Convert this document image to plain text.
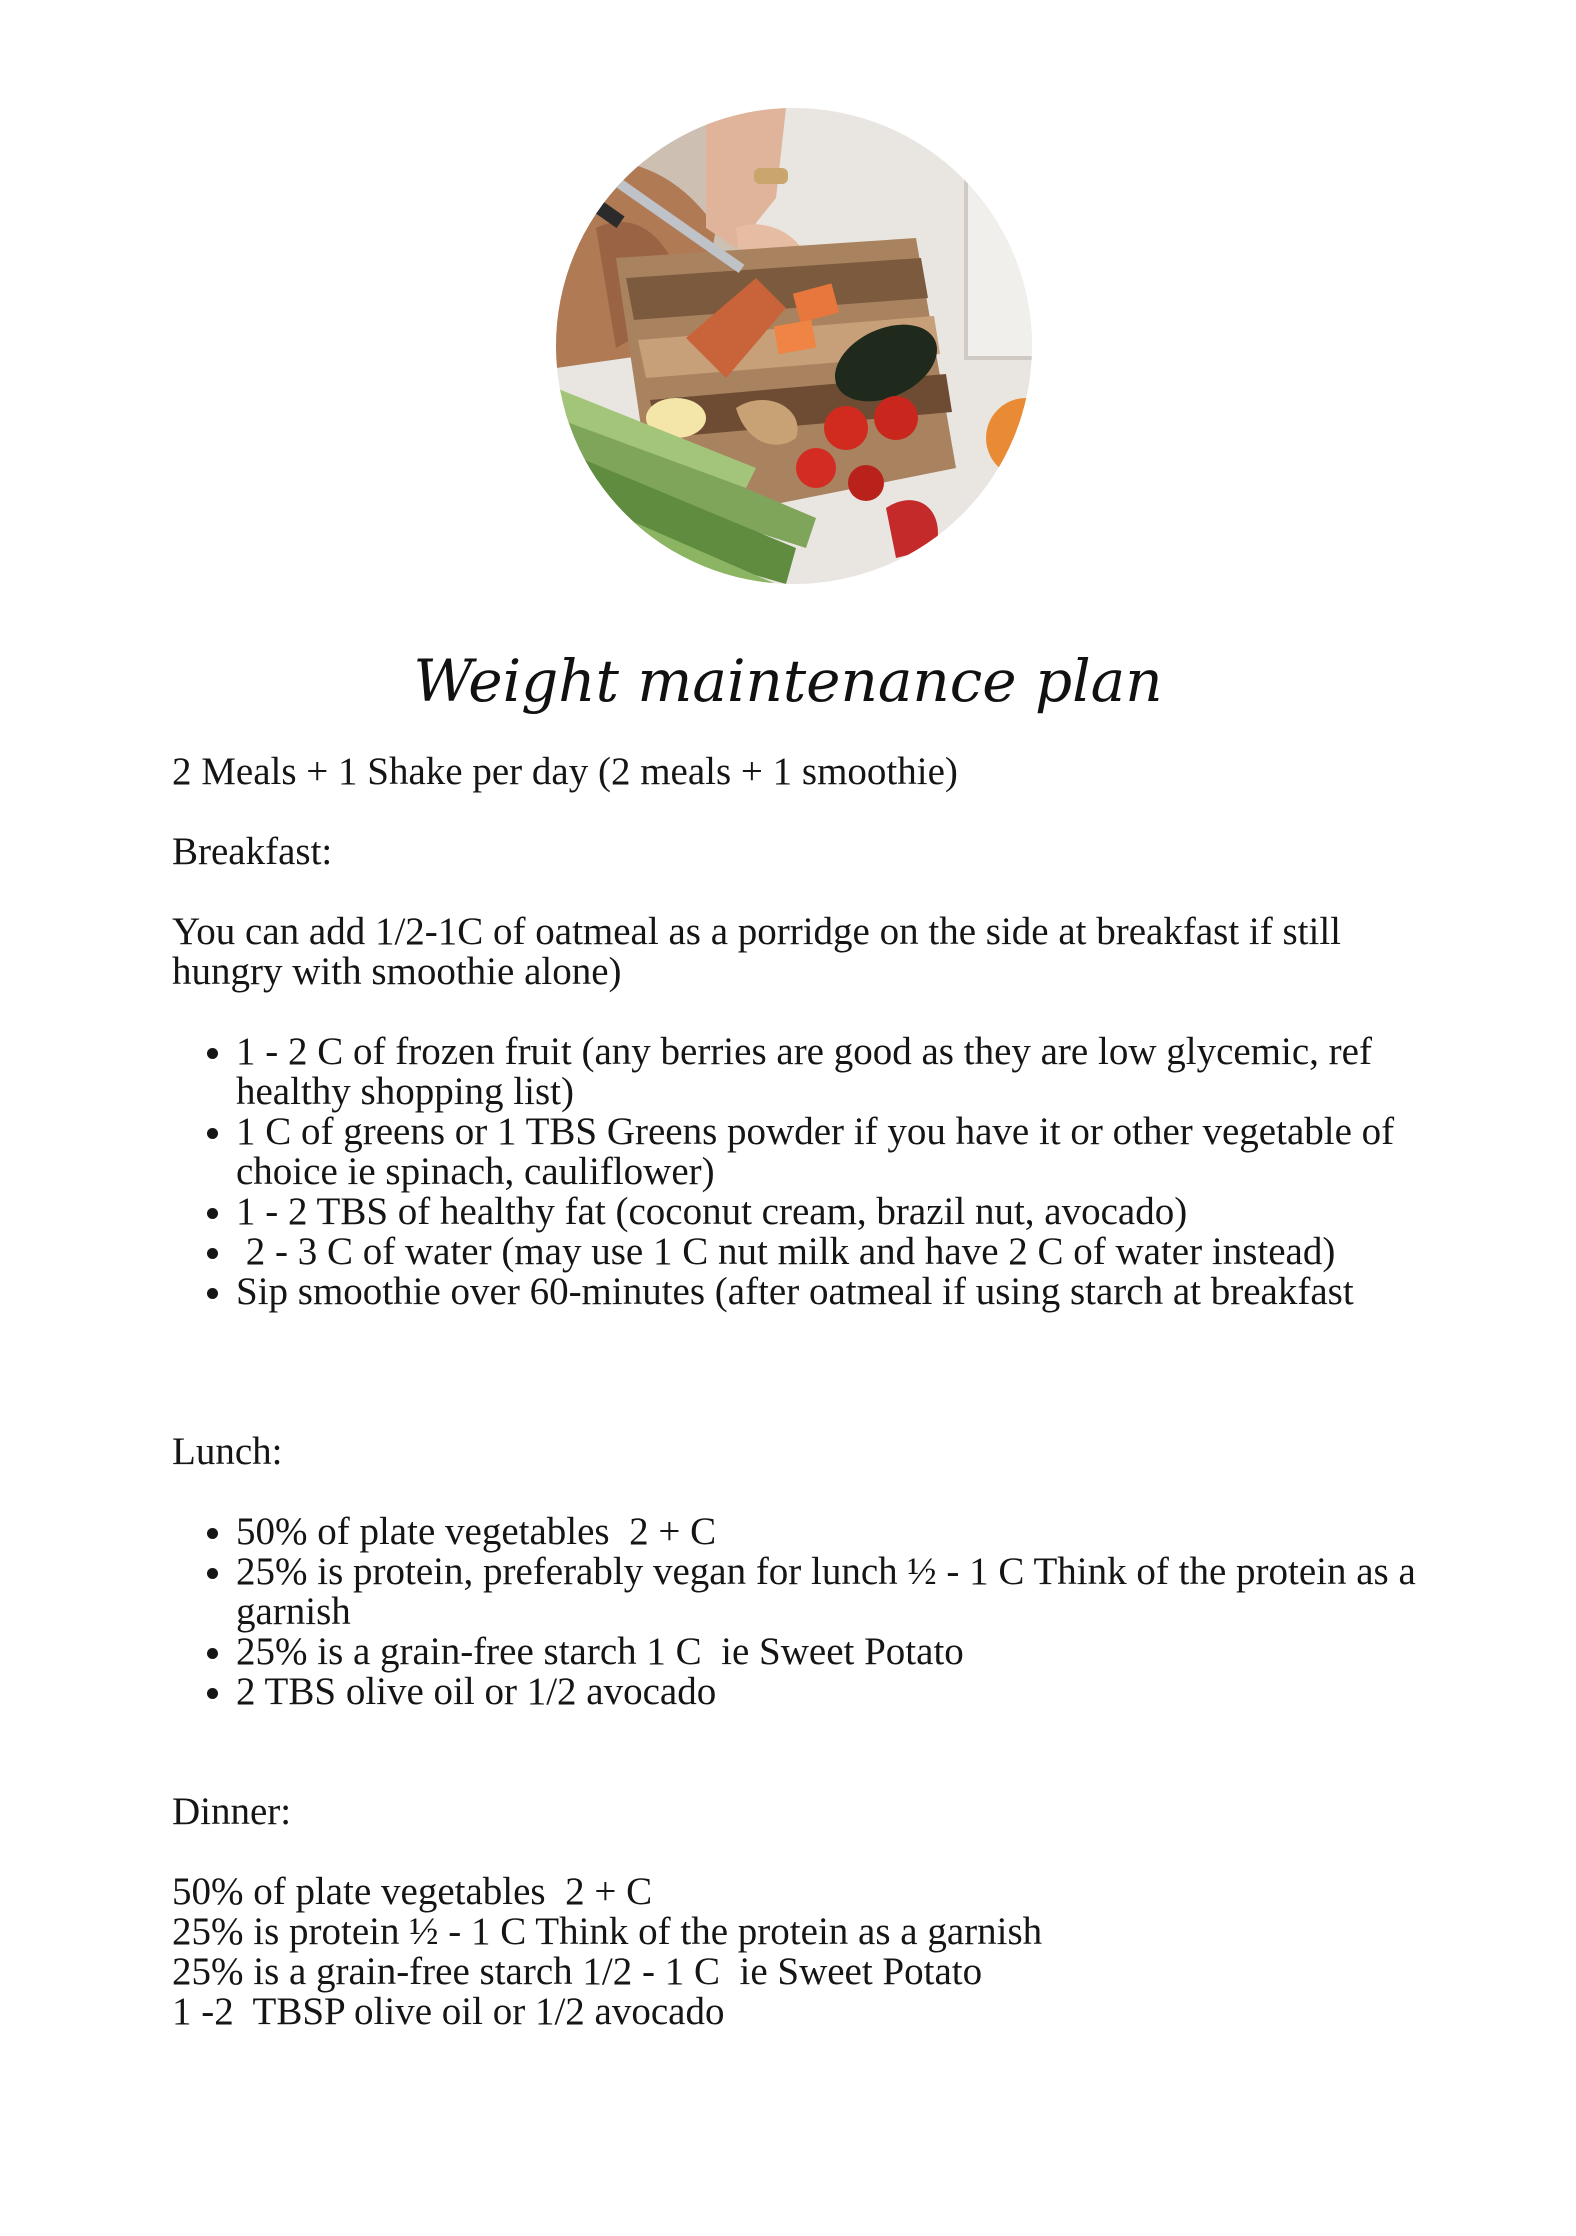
Weight maintenance plan

2 Meals + 1 Shake per day (2 meals + 1 smoothie)

Breakfast:

You can add 1/2-1C of oatmeal as a porridge on the side at breakfast if still hungry with smoothie alone)

• 1 - 2 C of frozen fruit (any berries are good as they are low glycemic, ref healthy shopping list)
• 1 C of greens or 1 TBS Greens powder if you have it or other vegetable of choice ie spinach, cauliflower)
• 1 - 2 TBS of healthy fat (coconut cream, brazil nut, avocado)
•  2 - 3 C of water (may use 1 C nut milk and have 2 C of water instead)
• Sip smoothie over 60-minutes (after oatmeal if using starch at breakfast

Lunch:

• 50% of plate vegetables  2 + C
• 25% is protein, preferably vegan for lunch ½ - 1 C Think of the protein as a garnish
• 25% is a grain-free starch 1 C  ie Sweet Potato
• 2 TBS olive oil or 1/2 avocado

Dinner:

50% of plate vegetables  2 + C

25% is protein ½ - 1 C Think of the protein as a garnish

25% is a grain-free starch 1/2 - 1 C  ie Sweet Potato

1 -2  TBSP olive oil or 1/2 avocado
